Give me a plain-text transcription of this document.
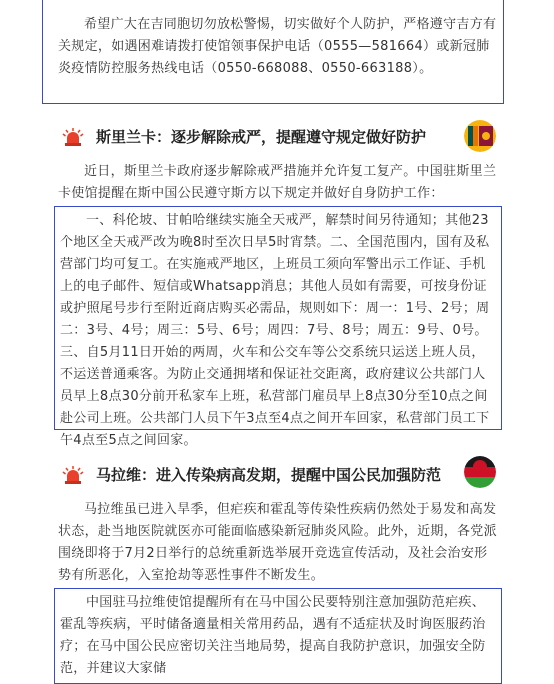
希望广大在吉同胞切勿放松警惕，切实做好个人防护，严格遵守吉方有关规定，如遇困难请拨打使馆领事保护电话（0555—581664）或新冠肺炎疫情防控服务热线电话（0550-668088、0550-663188）。

斯里兰卡：逐步解除戒严，提醒遵守规定做好防护

近日，斯里兰卡政府逐步解除戒严措施并允许复工复产。中国驻斯里兰卡使馆提醒在斯中国公民遵守斯方以下规定并做好自身防护工作：

一、科伦坡、甘帕哈继续实施全天戒严，解禁时间另待通知；其他23个地区全天戒严改为晚8时至次日早5时宵禁。二、全国范围内，国有及私营部门均可复工。在实施戒严地区，上班员工须向军警出示工作证、手机上的电子邮件、短信或Whatsapp消息；其他人员如有需要，可按身份证或护照尾号步行至附近商店购买必需品，规则如下：周一：1号、2号；周二：3号、4号；周三：5号、6号；周四：7号、8号；周五：9号、0号。三、自5月11日开始的两周，火车和公交车等公交系统只运送上班人员，不运送普通乘客。为防止交通拥堵和保证社交距离，政府建议公共部门人员早上8点30分前开私家车上班，私营部门雇员早上8点30分至10点之间赴公司上班。公共部门人员下午3点至4点之间开车回家，私营部门员工下午4点至5点之间回家。

马拉维：进入传染病高发期，提醒中国公民加强防范

马拉维虽已进入旱季，但疟疾和霍乱等传染性疾病仍然处于易发和高发状态，赴当地医院就医亦可能面临感染新冠肺炎风险。此外，近期，各党派围绕即将于7月2日举行的总统重新选举展开竞选宣传活动，及社会治安形势有所恶化，入室抢劫等恶性事件不断发生。

中国驻马拉维使馆提醒所有在马中国公民要特别注意加强防范疟疾、霍乱等疾病，平时储备適量相关常用药品，遇有不适症状及时询医服药治疗；在马中国公民应密切关注当地局势，提高自我防护意识，加强安全防范，并建议大家储
